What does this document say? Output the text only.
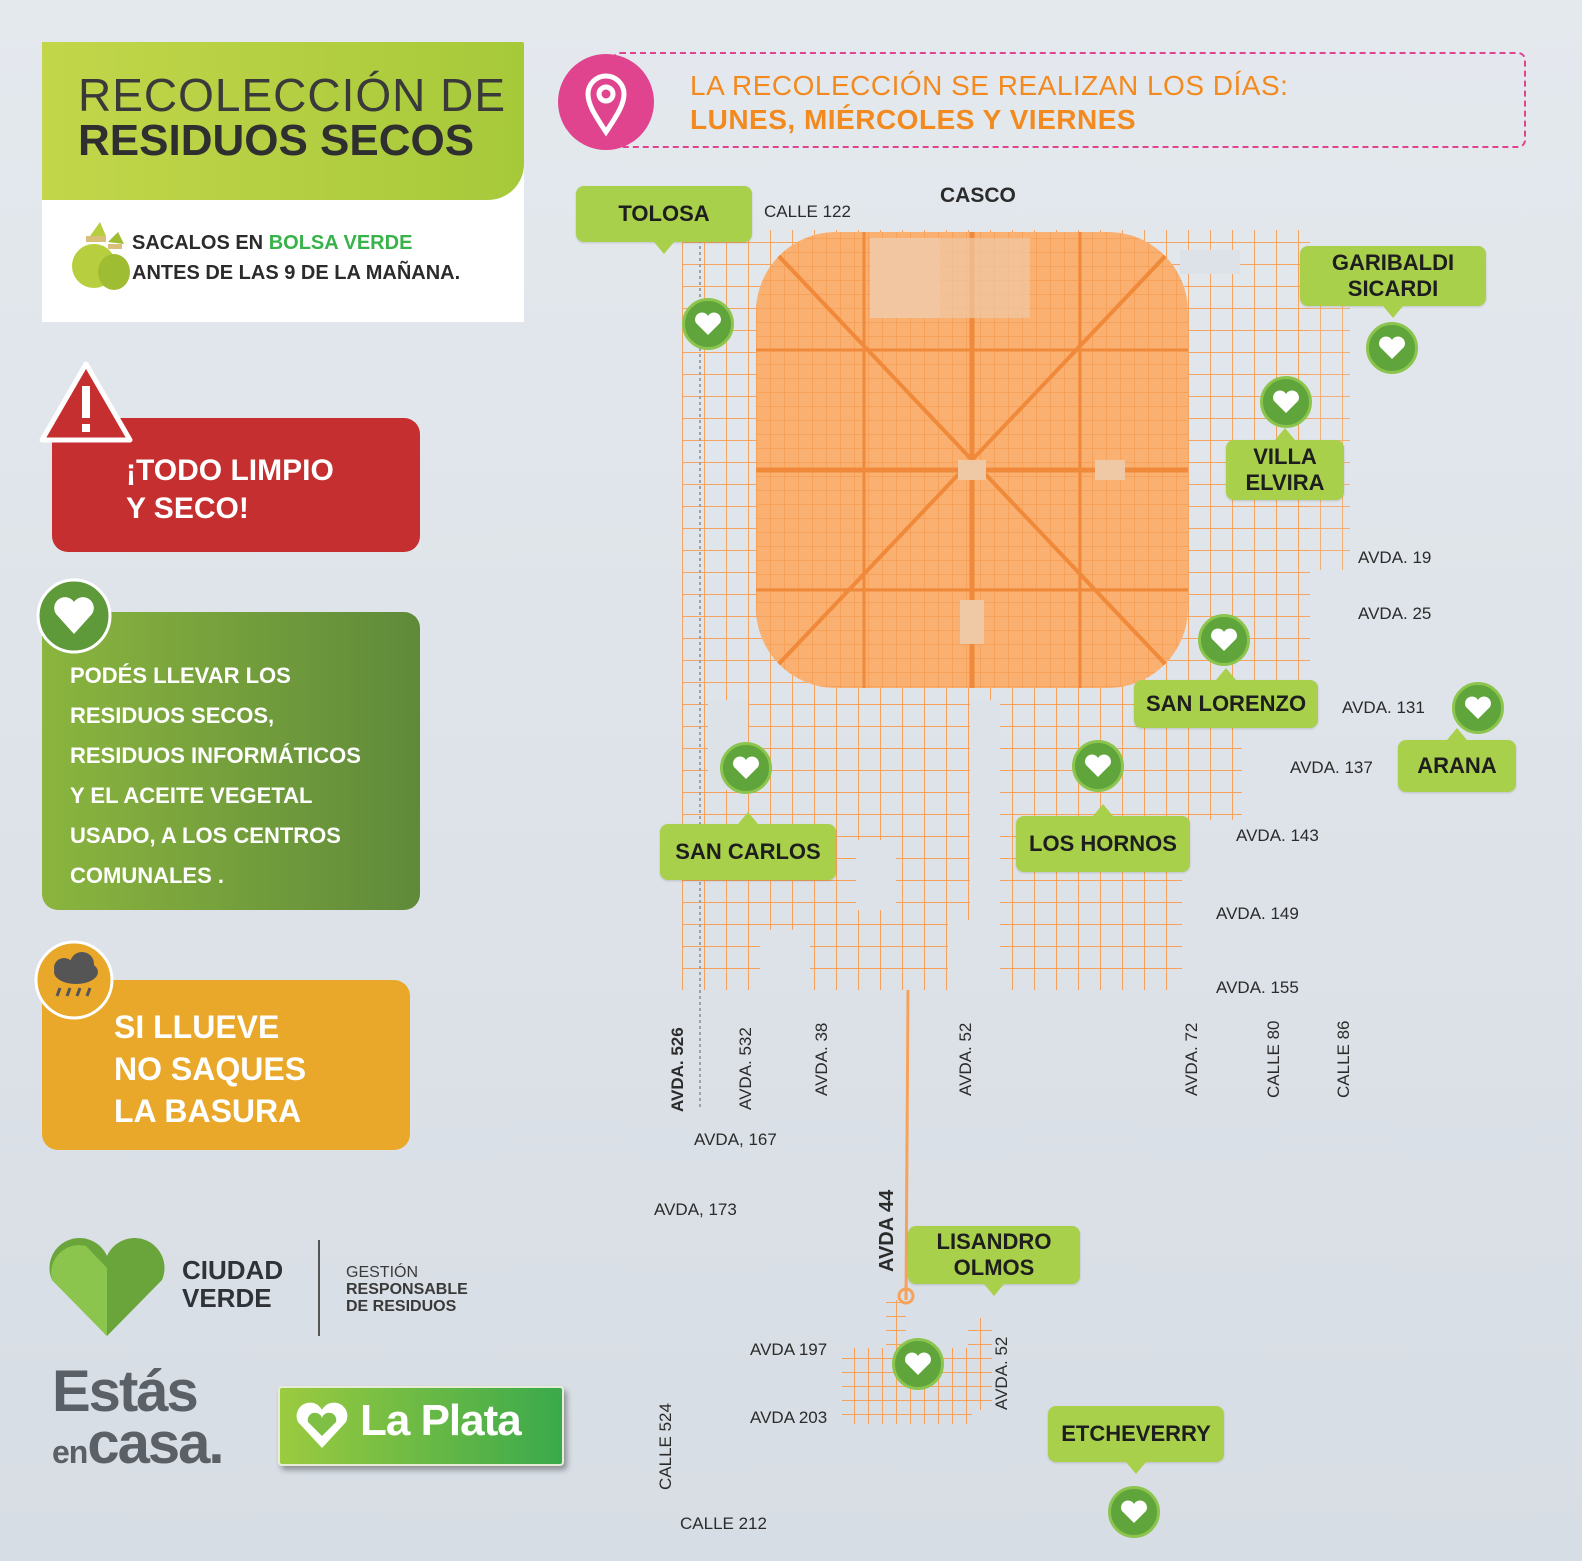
RECOLECCIÓN DE
RESIDUOS SECOS
SACALOS EN BOLSA VERDE
ANTES DE LAS 9 DE LA MAÑANA.
¡TODO LIMPIO
Y SECO!
PODÉS LLEVAR LOS
RESIDUOS SECOS,
RESIDUOS INFORMÁTICOS
Y EL ACEITE VEGETAL
USADO, A LOS CENTROS
COMUNALES .
SI LLUEVE
NO SAQUES
LA BASURA
CIUDAD
VERDE
GESTIÓN
RESPONSABLE
DE RESIDUOS
Estás
encasa.	La Plata
LA RECOLECCIÓN SE REALIZAN LOS DÍAS:
LUNES, MIÉRCOLES Y VIERNES
CASCO
CALLE 122
AVDA. 19
AVDA. 25
AVDA. 131
AVDA. 137
AVDA. 143
AVDA. 149
AVDA. 155
AVDA. 526	AVDA. 532	AVDA. 38	AVDA. 52	AVDA. 72	CALLE 80	CALLE 86
AVDA, 167
AVDA, 173	AVDA 44
AVDA 197
AVDA 203
AVDA. 52
CALLE 524
CALLE 212
TOLOSA
GARIBALDI
SICARDI
VILLA
ELVIRA
SAN LORENZO
ARANA
LOS HORNOS
SAN CARLOS
LISANDRO
OLMOS
ETCHEVERRY
